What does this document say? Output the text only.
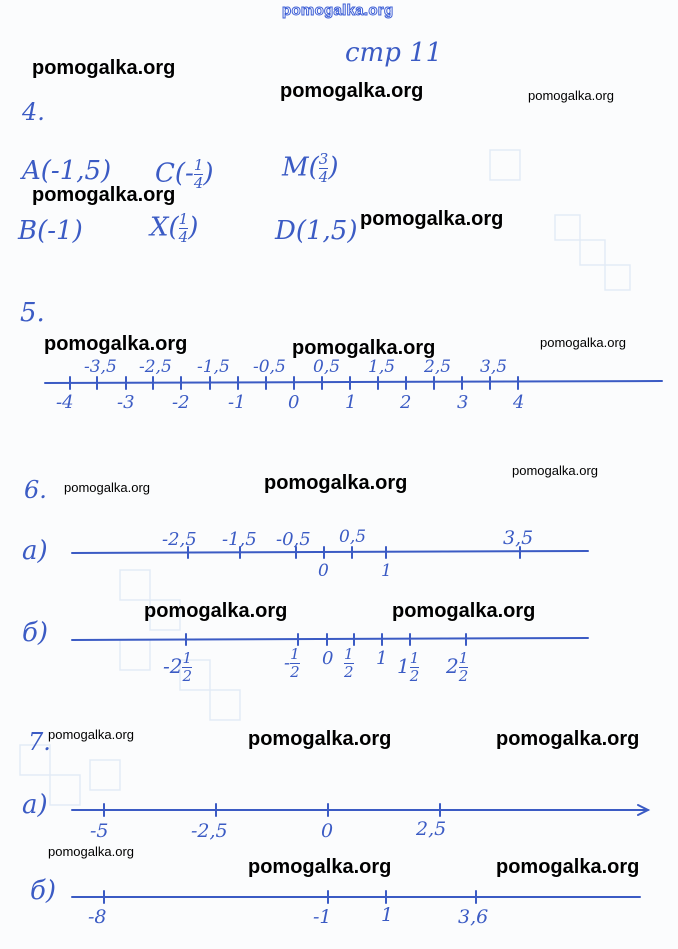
pomogalka.org
стр 11
4.
A(-1,5) $C(- \frac{1}{4}$ )	$M( \frac{3}{4}$ )
B(-1)	$X( \frac{1}{4}$ )	D(1,5)
5.
6.
а)
б)
7.
а)
б)
-3,5 -2,5 -1,5 -0,5 0,5 1,5 2,5 3,5
-4 -3 -2 -1 0	1 2	3 4
-2,5 -1,5 -0,5 0,5	3,5
0	1
$-2 \frac{1}{2}$	- $\frac{1}{2} 0 \frac{1}{2} 1$ $1 \frac{1}{2} 2 \frac{1}{2}$
-5	-2,5	0	2,5
-8	-1	1	3,6
pomogalka.org
pomogalka.org	pomogalka.org
pomogalka.org
pomogalka.org
pomogalka.org	pomogalka.org	pomogalka.org
pomogalka.org	pomogalka.org
pomogalka.org
pomogalka.org	pomogalka.org
pomogalka.org	pomogalka.org	pomogalka.org
pomogalka.org
pomogalka.org	pomogalka.org
